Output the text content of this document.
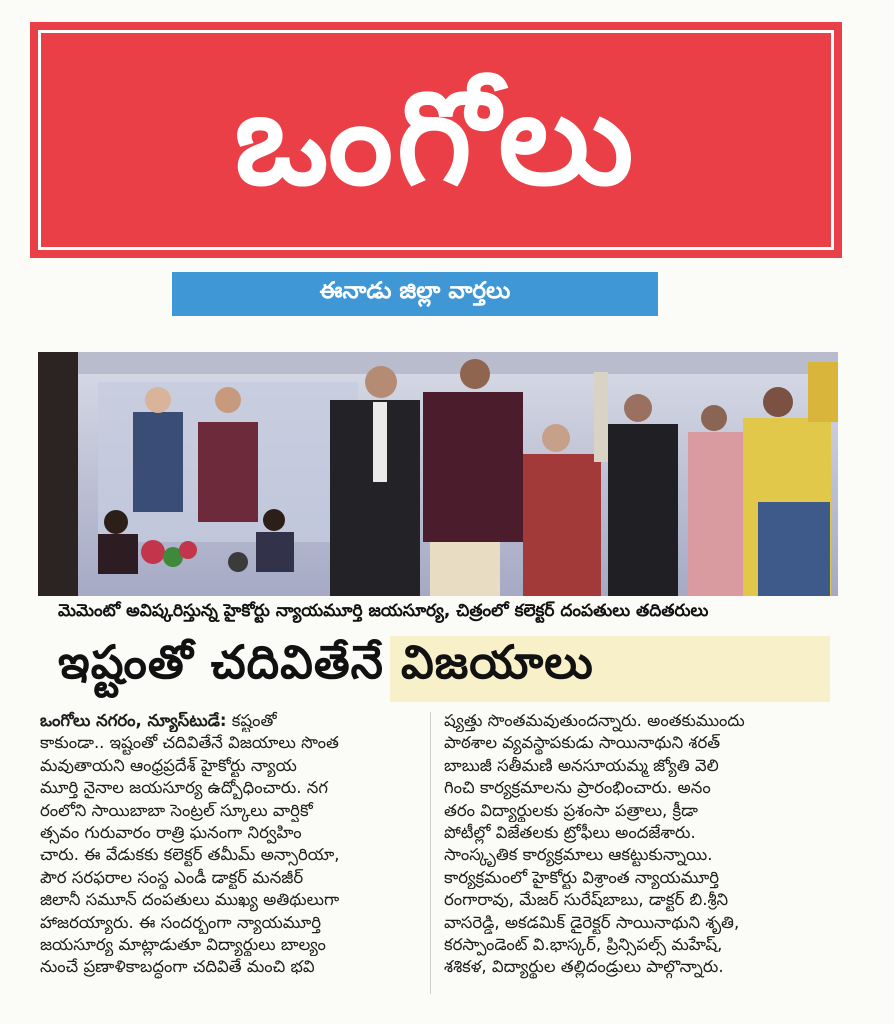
ఒంగోలు
ఈనాడు జిల్లా వార్తలు
మెమెంటో అవిష్కరిస్తున్న హైకోర్టు న్యాయమూర్తి జయసూర్య, చిత్రంలో కలెక్టర్ దంపతులు తదితరులు
ఇష్టంతో చదివితేనే విజయాలు
ఒంగోలు నగరం, న్యూస్‌టుడే: కష్టంతో
కాకుండా.. ఇష్టంతో చదివితేనే విజయాలు సొంత
మవుతాయని ఆంధ్రప్రదేశ్ హైకోర్టు న్యాయ
మూర్తి నైనాల జయసూర్య ఉద్బోధించారు. నగ
రంలోని సాయిబాబా సెంట్రల్ స్కూలు వార్షికో
త్సవం గురువారం రాత్రి ఘనంగా నిర్వహిం
చారు. ఈ వేడుకకు కలెక్టర్ తమీమ్ అన్సారియా,
పౌర సరఫరాల సంస్థ ఎండీ డాక్టర్ మనజీర్
జిలానీ సమూన్ దంపతులు ముఖ్య అతిథులుగా
హాజరయ్యారు. ఈ సందర్భంగా న్యాయమూర్తి
జయసూర్య మాట్లాడుతూ విద్యార్థులు బాల్యం
నుంచే ప్రణాళికాబద్ధంగా చదివితే మంచి భవి
ష్యత్తు సొంతమవుతుందన్నారు. అంతకుముందు
పాఠశాల వ్యవస్థాపకుడు సాయినాథుని శరత్
బాబుజీ సతీమణి అనసూయమ్మ జ్యోతి వెలి
గించి కార్యక్రమాలను ప్రారంభించారు. అనం
తరం విద్యార్థులకు ప్రశంసా పత్రాలు, క్రీడా
పోటీల్లో విజేతలకు ట్రోఫీలు అందజేశారు.
సాంస్కృతిక కార్యక్రమాలు ఆకట్టుకున్నాయి.
కార్యక్రమంలో హైకోర్టు విశ్రాంత న్యాయమూర్తి
రంగారావు, మేజర్ సురేష్‌బాబు, డాక్టర్ బి.శ్రీని
వాసరెడ్డి, అకడమిక్ డైరెక్టర్ సాయినాథుని శృతి,
కరస్పాండెంట్ వి.భాస్కర్, ప్రిన్సిపల్స్ మహేష్,
శశికళ, విద్యార్థుల తల్లిదండ్రులు పాల్గొన్నారు.
